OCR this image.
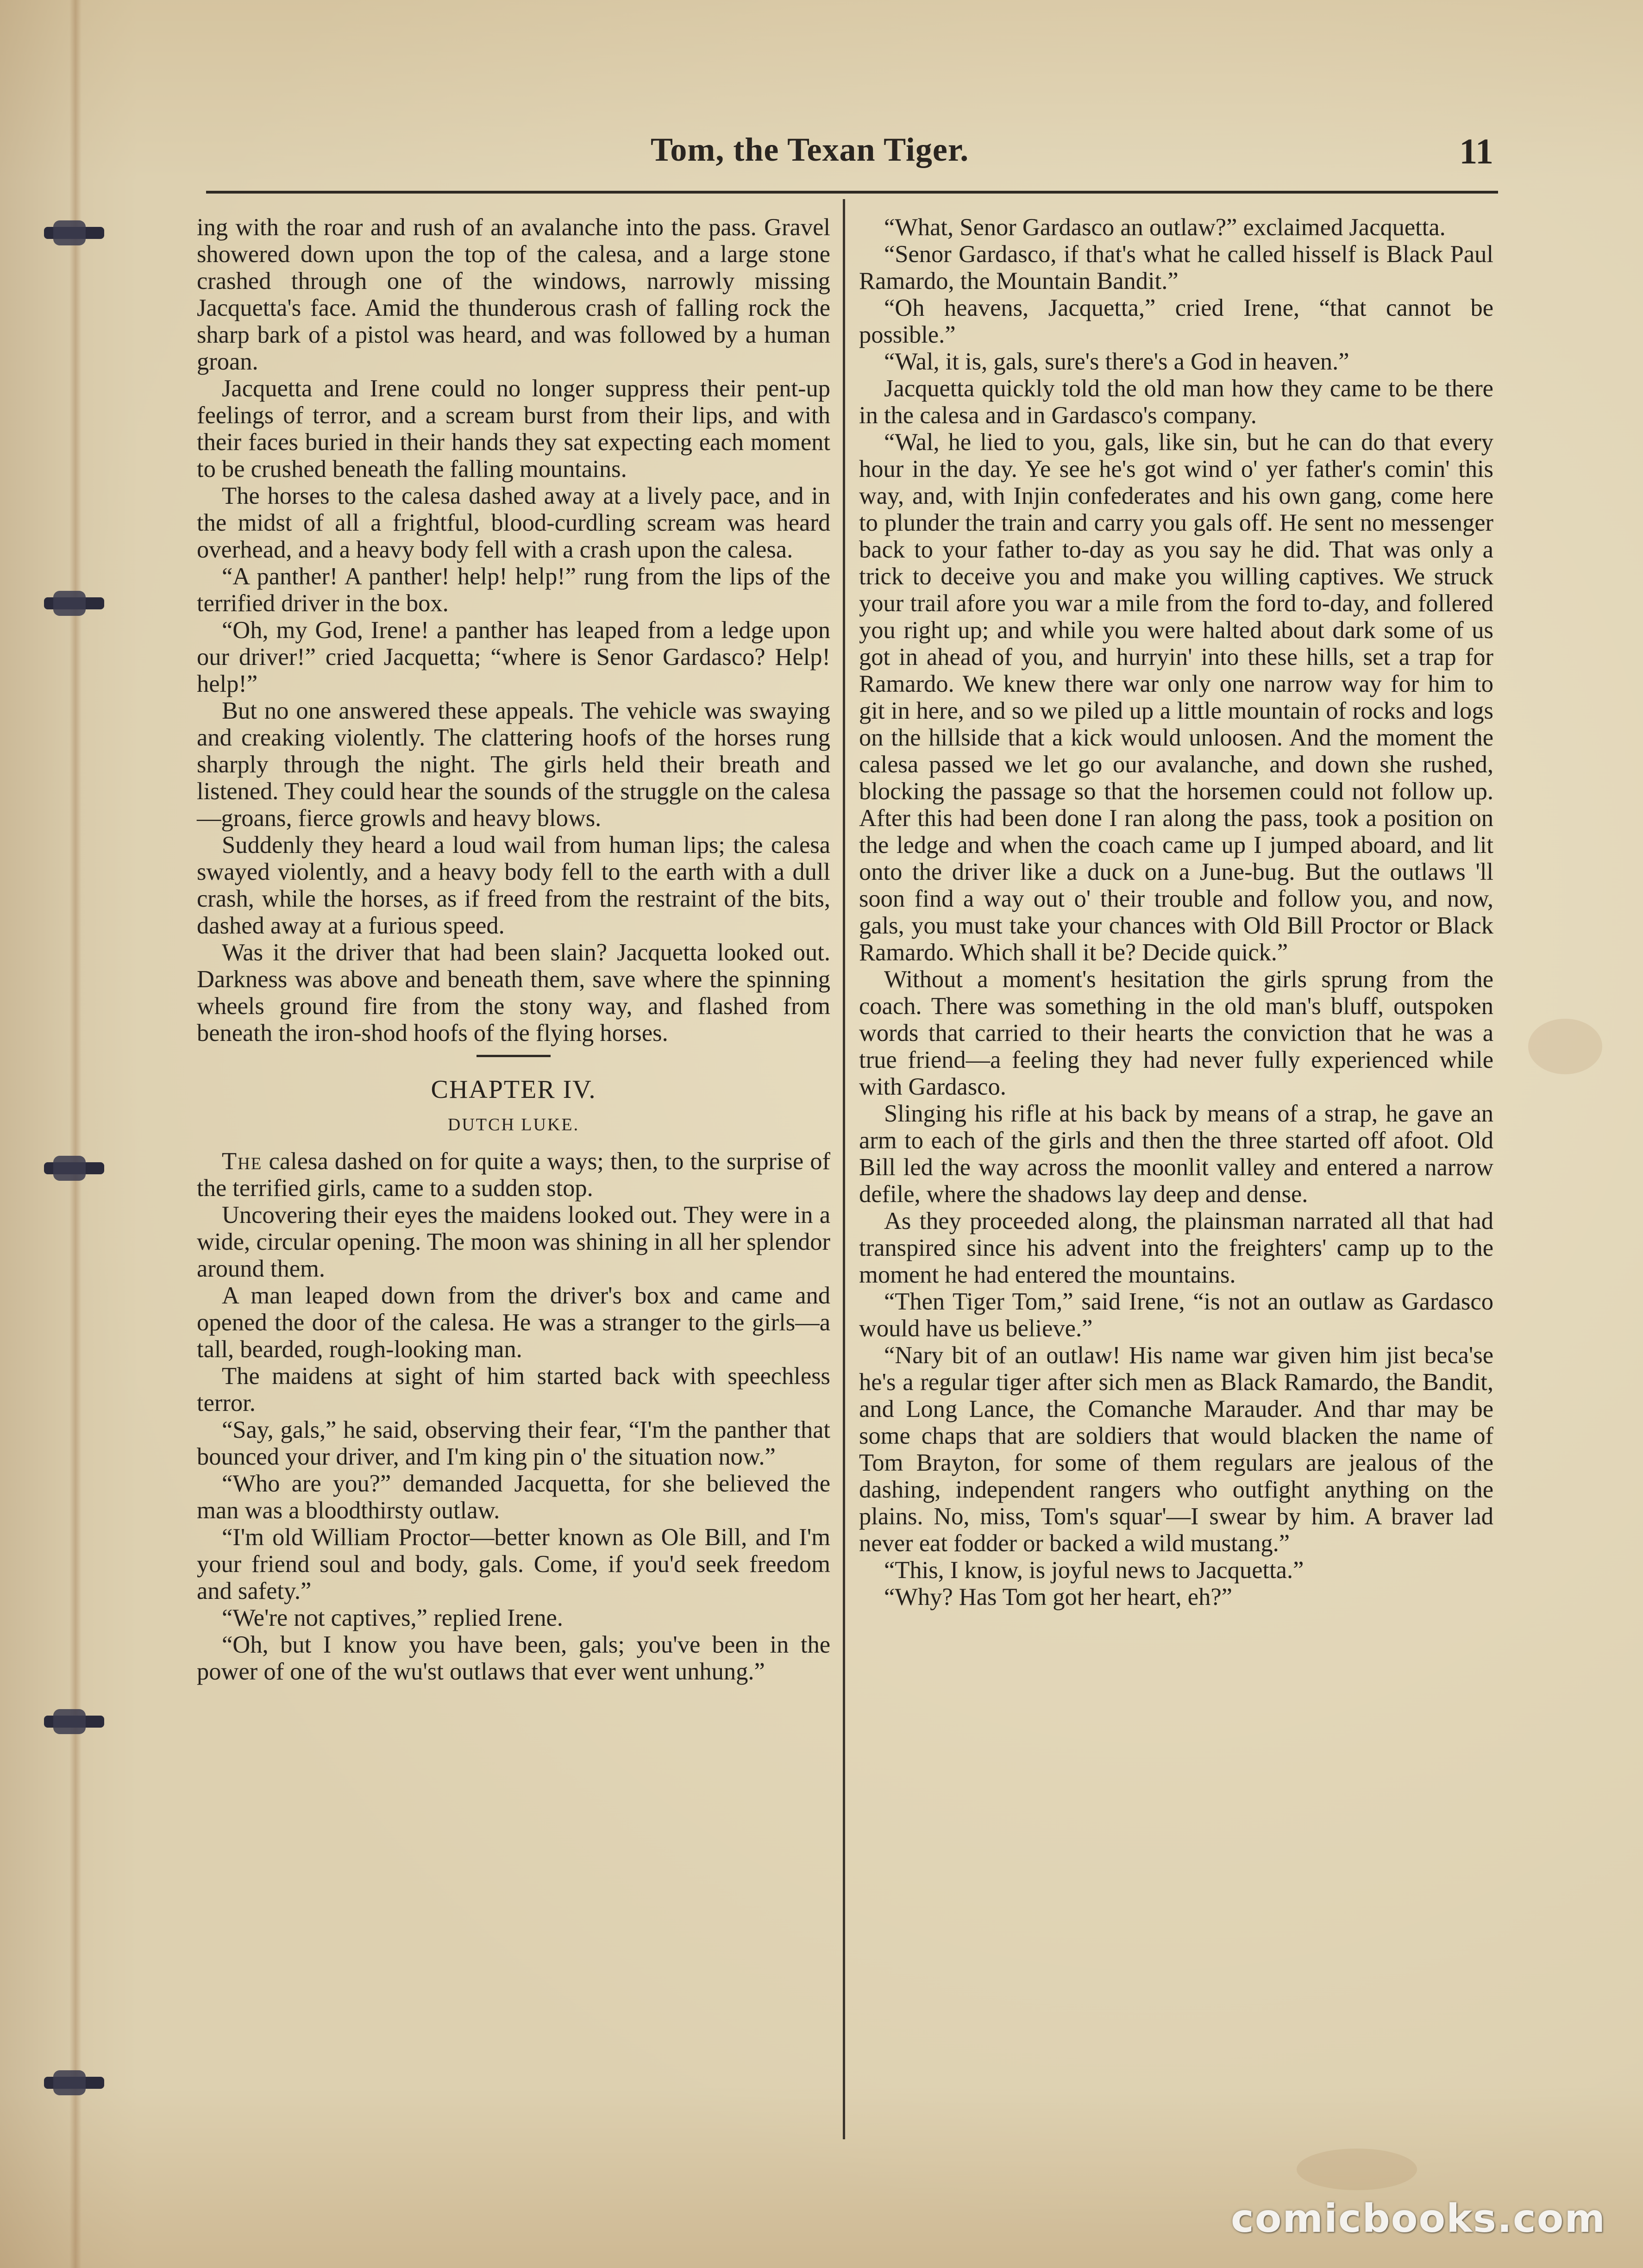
Tom, the Texan Tiger.	11

ing with the roar and rush of an avalanche into the pass. Gravel showered down upon the top of the calesa, and a large stone crashed through one of the windows, narrowly missing Jacquetta's face. Amid the thunderous crash of falling rock the sharp bark of a pistol was heard, and was followed by a human groan.

Jacquetta and Irene could no longer suppress their pent-up feelings of terror, and a scream burst from their lips, and with their faces buried in their hands they sat expecting each moment to be crushed beneath the falling mountains.

The horses to the calesa dashed away at a lively pace, and in the midst of all a frightful, blood-curdling scream was heard overhead, and a heavy body fell with a crash upon the calesa.

“A panther! A panther! help! help!” rung from the lips of the terrified driver in the box.

“Oh, my God, Irene! a panther has leaped from a ledge upon our driver!” cried Jacquetta; “where is Senor Gardasco? Help! help!”

But no one answered these appeals. The vehicle was swaying and creaking violently. The clattering hoofs of the horses rung sharply through the night. The girls held their breath and listened. They could hear the sounds of the struggle on the calesa—groans, fierce growls and heavy blows.

Suddenly they heard a loud wail from human lips; the calesa swayed violently, and a heavy body fell to the earth with a dull crash, while the horses, as if freed from the restraint of the bits, dashed away at a furious speed.

Was it the driver that had been slain? Jacquetta looked out. Darkness was above and beneath them, save where the spinning wheels ground fire from the stony way, and flashed from beneath the iron-shod hoofs of the flying horses.

CHAPTER IV.
DUTCH LUKE.

The calesa dashed on for quite a ways; then, to the surprise of the terrified girls, came to a sudden stop.

Uncovering their eyes the maidens looked out. They were in a wide, circular opening. The moon was shining in all her splendor around them.

A man leaped down from the driver's box and came and opened the door of the calesa. He was a stranger to the girls—a tall, bearded, rough-looking man.

The maidens at sight of him started back with speechless terror.

“Say, gals,” he said, observing their fear, “I'm the panther that bounced your driver, and I'm king pin o' the situation now.”

“Who are you?” demanded Jacquetta, for she believed the man was a bloodthirsty outlaw.

“I'm old William Proctor—better known as Ole Bill, and I'm your friend soul and body, gals. Come, if you'd seek freedom and safety.”

“We're not captives,” replied Irene.

“Oh, but I know you have been, gals; you've been in the power of one of the wu'st outlaws that ever went unhung.”

“What, Senor Gardasco an outlaw?” exclaimed Jacquetta.

“Senor Gardasco, if that's what he called hisself is Black Paul Ramardo, the Mountain Bandit.”

“Oh heavens, Jacquetta,” cried Irene, “that cannot be possible.”

“Wal, it is, gals, sure's there's a God in heaven.”

Jacquetta quickly told the old man how they came to be there in the calesa and in Gardasco's company.

“Wal, he lied to you, gals, like sin, but he can do that every hour in the day. Ye see he's got wind o' yer father's comin' this way, and, with Injin confederates and his own gang, come here to plunder the train and carry you gals off. He sent no messenger back to your father to-day as you say he did. That was only a trick to deceive you and make you willing captives. We struck your trail afore you war a mile from the ford to-day, and follered you right up; and while you were halted about dark some of us got in ahead of you, and hurryin' into these hills, set a trap for Ramardo. We knew there war only one narrow way for him to git in here, and so we piled up a little mountain of rocks and logs on the hillside that a kick would unloosen. And the moment the calesa passed we let go our avalanche, and down she rushed, blocking the passage so that the horsemen could not follow up. After this had been done I ran along the pass, took a position on the ledge and when the coach came up I jumped aboard, and lit onto the driver like a duck on a June-bug. But the outlaws 'll soon find a way out o' their trouble and follow you, and now, gals, you must take your chances with Old Bill Proctor or Black Ramardo. Which shall it be? Decide quick.”

Without a moment's hesitation the girls sprung from the coach. There was something in the old man's bluff, outspoken words that carried to their hearts the conviction that he was a true friend—a feeling they had never fully experienced while with Gardasco.

Slinging his rifle at his back by means of a strap, he gave an arm to each of the girls and then the three started off afoot. Old Bill led the way across the moonlit valley and entered a narrow defile, where the shadows lay deep and dense.

As they proceeded along, the plainsman narrated all that had transpired since his advent into the freighters' camp up to the moment he had entered the mountains.

“Then Tiger Tom,” said Irene, “is not an outlaw as Gardasco would have us believe.”

“Nary bit of an outlaw! His name war given him jist beca'se he's a regular tiger after sich men as Black Ramardo, the Bandit, and Long Lance, the Comanche Marauder. And thar may be some chaps that are soldiers that would blacken the name of Tom Brayton, for some of them regulars are jealous of the dashing, independent rangers who outfight anything on the plains. No, miss, Tom's squar'—I swear by him. A braver lad never eat fodder or backed a wild mustang.”

“This, I know, is joyful news to Jacquetta.”

“Why? Has Tom got her heart, eh?”

comicbooks.com
